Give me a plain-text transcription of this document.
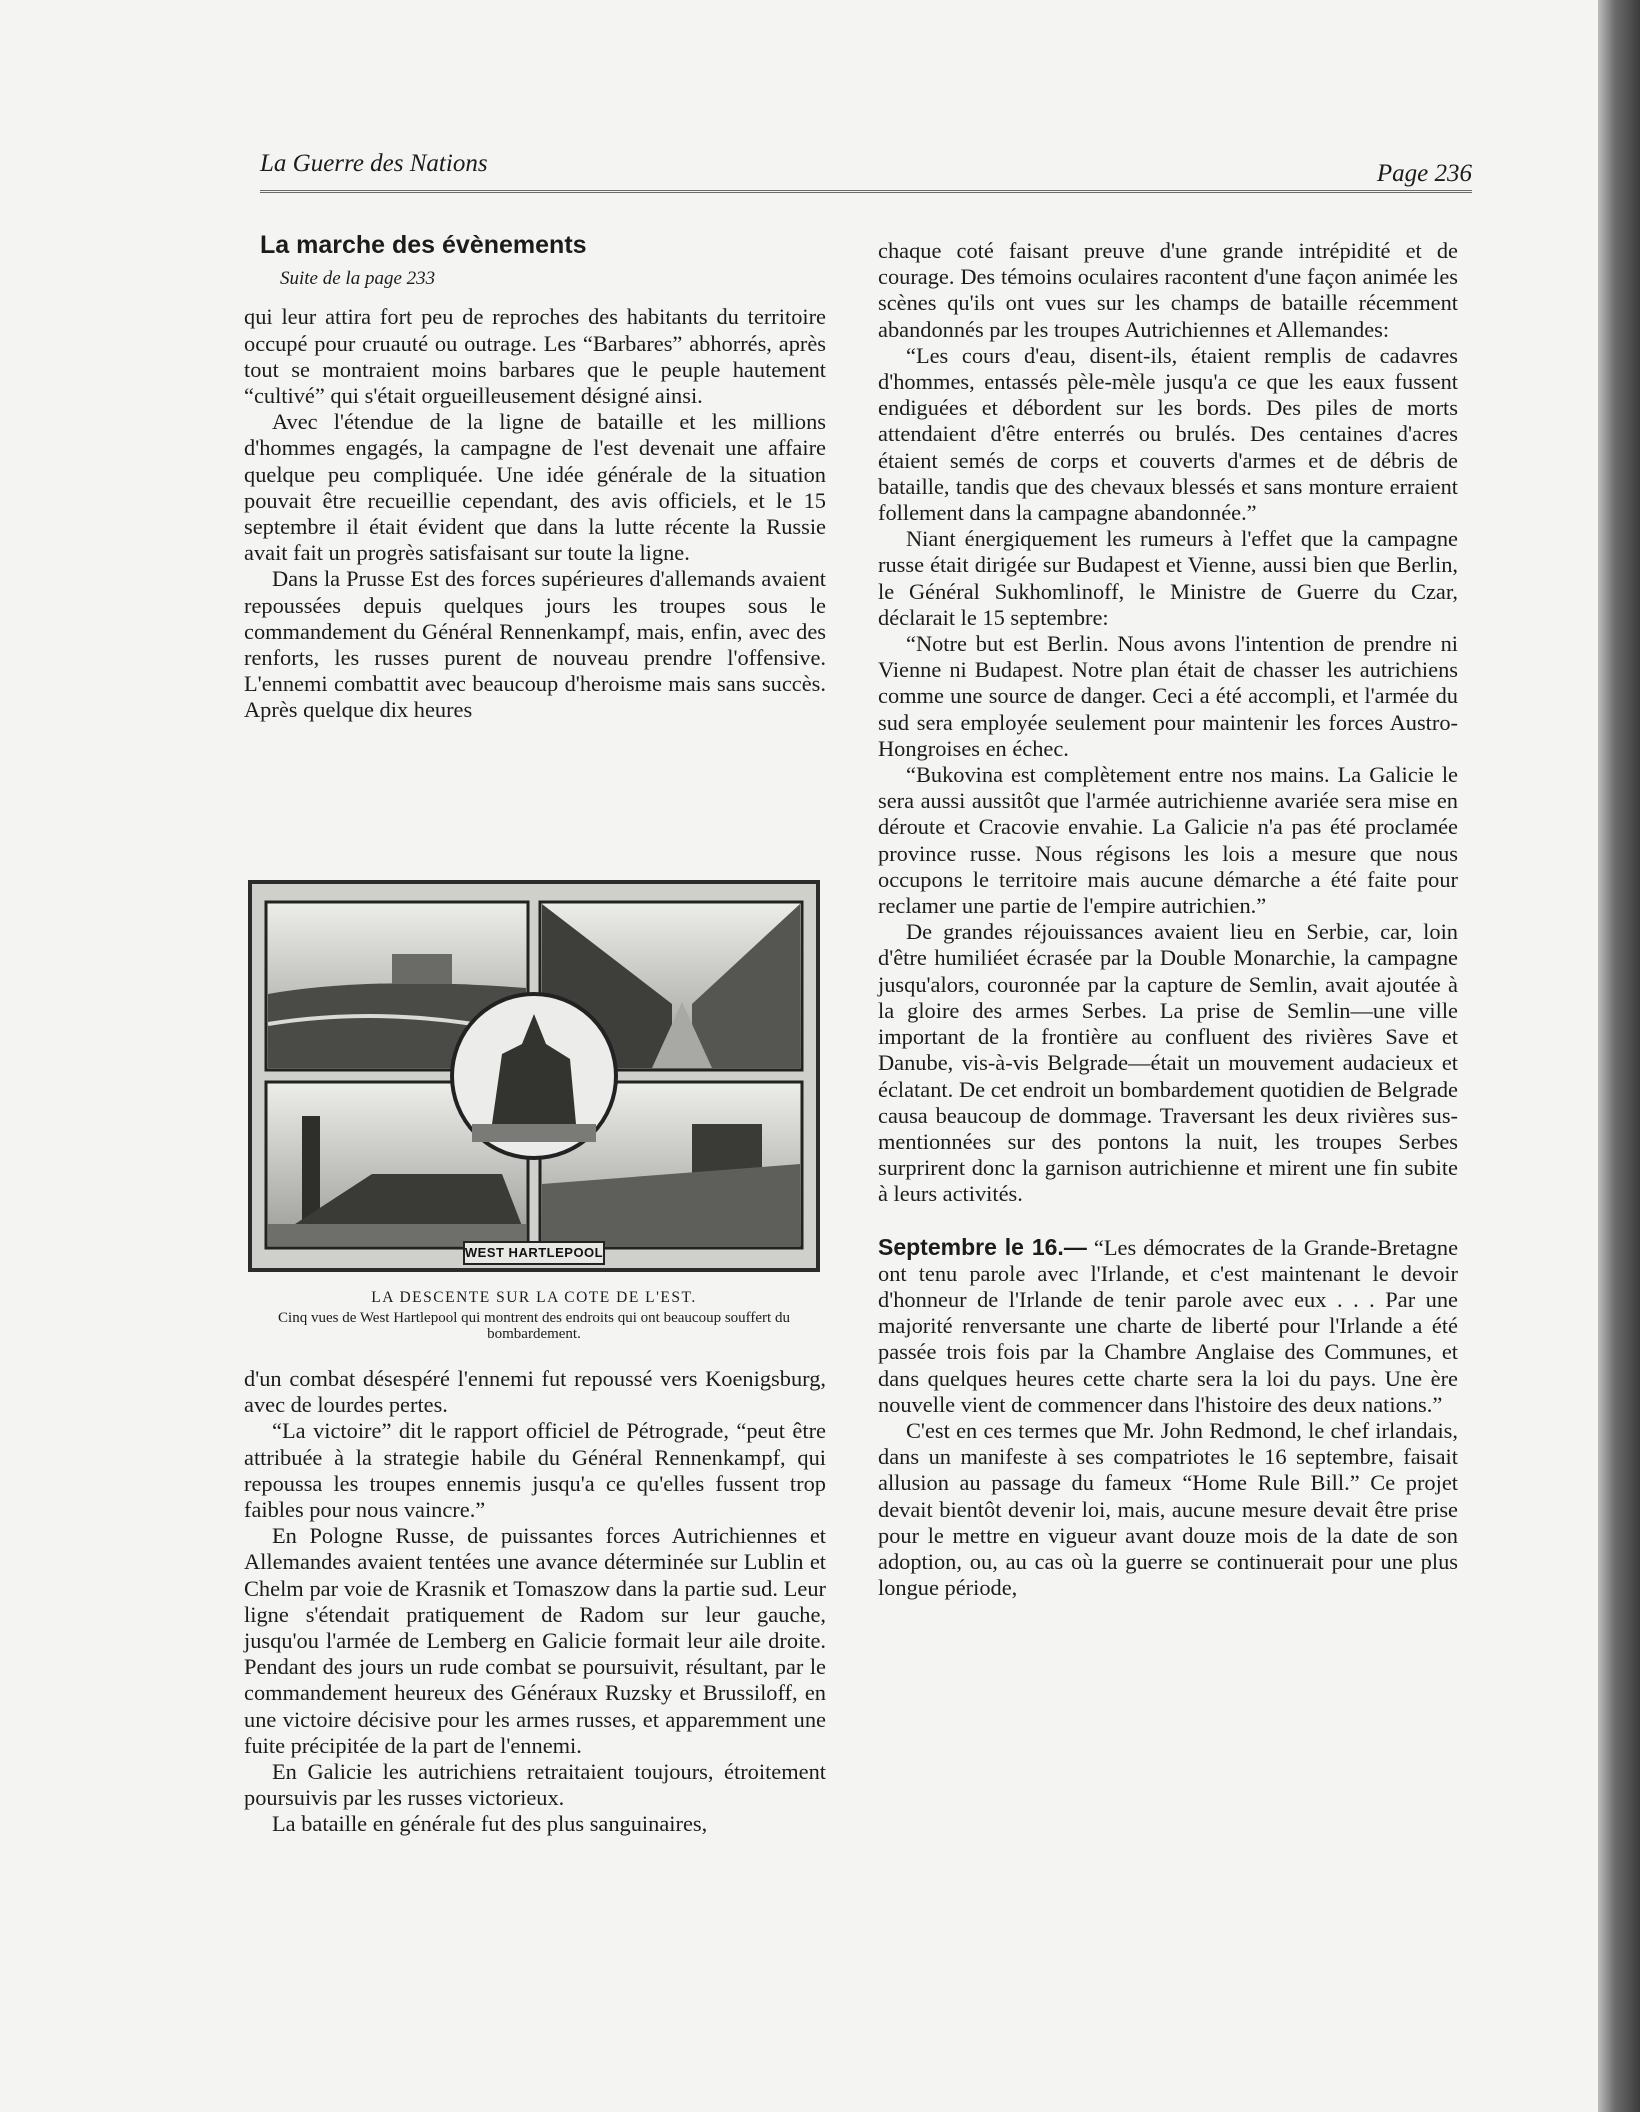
La Guerre des Nations	Page 236
La marche des évènements
Suite de la page 233

qui leur attira fort peu de reproches des habitants du territoire occupé pour cruauté ou outrage. Les “Barbares” abhorrés, après tout se montraient moins barbares que le peuple hautement “cultivé” qui s'était orgueilleusement désigné ainsi.

Avec l'étendue de la ligne de bataille et les millions d'hommes engagés, la campagne de l'est devenait une affaire quelque peu compliquée. Une idée générale de la situation pouvait être recueillie cependant, des avis officiels, et le 15 septembre il était évident que dans la lutte récente la Russie avait fait un progrès satisfaisant sur toute la ligne.

Dans la Prusse Est des forces supérieures d'allemands avaient repoussées depuis quelques jours les troupes sous le commandement du Général Rennenkampf, mais, enfin, avec des renforts, les russes purent de nouveau prendre l'offensive. L'ennemi combattit avec beaucoup d'heroisme mais sans succès. Après quelque dix heures

WEST HARTLEPOOL
LA DESCENTE SUR LA COTE DE L'EST.
Cinq vues de West Hartlepool qui montrent des endroits qui ont beaucoup souffert du bombardement.

d'un combat désespéré l'ennemi fut repoussé vers Koenigsburg, avec de lourdes pertes.

“La victoire” dit le rapport officiel de Pétrograde, “peut être attribuée à la strategie habile du Général Rennenkampf, qui repoussa les troupes ennemis jusqu'a ce qu'elles fussent trop faibles pour nous vaincre.”

En Pologne Russe, de puissantes forces Autrichiennes et Allemandes avaient tentées une avance déterminée sur Lublin et Chelm par voie de Krasnik et Tomaszow dans la partie sud. Leur ligne s'étendait pratiquement de Radom sur leur gauche, jusqu'ou l'armée de Lemberg en Galicie formait leur aile droite. Pendant des jours un rude combat se poursuivit, résultant, par le commandement heureux des Généraux Ruzsky et Brussiloff, en une victoire décisive pour les armes russes, et apparemment une fuite précipitée de la part de l'ennemi.

En Galicie les autrichiens retraitaient toujours, étroitement poursuivis par les russes victorieux.

La bataille en générale fut des plus sanguinaires,

chaque coté faisant preuve d'une grande intrépidité et de courage. Des témoins oculaires racontent d'une façon animée les scènes qu'ils ont vues sur les champs de bataille récemment abandonnés par les troupes Autrichiennes et Allemandes:

“Les cours d'eau, disent-ils, étaient remplis de cadavres d'hommes, entassés pèle-mèle jusqu'a ce que les eaux fussent endiguées et débordent sur les bords. Des piles de morts attendaient d'être enterrés ou brulés. Des centaines d'acres étaient semés de corps et couverts d'armes et de débris de bataille, tandis que des chevaux blessés et sans monture erraient follement dans la campagne abandonnée.”

Niant énergiquement les rumeurs à l'effet que la campagne russe était dirigée sur Budapest et Vienne, aussi bien que Berlin, le Général Sukhomlinoff, le Ministre de Guerre du Czar, déclarait le 15 septembre:

“Notre but est Berlin. Nous avons l'intention de prendre ni Vienne ni Budapest. Notre plan était de chasser les autrichiens comme une source de danger. Ceci a été accompli, et l'armée du sud sera employée seulement pour maintenir les forces Austro-Hongroises en échec.

“Bukovina est complètement entre nos mains. La Galicie le sera aussi aussitôt que l'armée autrichienne avariée sera mise en déroute et Cracovie envahie. La Galicie n'a pas été proclamée province russe. Nous régisons les lois a mesure que nous occupons le territoire mais aucune démarche a été faite pour reclamer une partie de l'empire autrichien.”

De grandes réjouissances avaient lieu en Serbie, car, loin d'être humiliéet écrasée par la Double Monarchie, la campagne jusqu'alors, couronnée par la capture de Semlin, avait ajoutée à la gloire des armes Serbes. La prise de Semlin—une ville important de la frontière au confluent des rivières Save et Danube, vis-à-vis Belgrade—était un mouvement audacieux et éclatant. De cet endroit un bombardement quotidien de Belgrade causa beaucoup de dommage. Traversant les deux rivières sus-mentionnées sur des pontons la nuit, les troupes Serbes surprirent donc la garnison autrichienne et mirent une fin subite à leurs activités.

Septembre le 16.— “Les démocrates de la Grande-Bretagne ont tenu parole avec l'Irlande, et c'est maintenant le devoir d'honneur de l'Irlande de tenir parole avec eux . . . Par une majorité renversante une charte de liberté pour l'Irlande a été passée trois fois par la Chambre Anglaise des Communes, et dans quelques heures cette charte sera la loi du pays. Une ère nouvelle vient de commencer dans l'histoire des deux nations.”

C'est en ces termes que Mr. John Redmond, le chef irlandais, dans un manifeste à ses compatriotes le 16 septembre, faisait allusion au passage du fameux “Home Rule Bill.” Ce projet devait bientôt devenir loi, mais, aucune mesure devait être prise pour le mettre en vigueur avant douze mois de la date de son adoption, ou, au cas où la guerre se continuerait pour une plus longue période,
